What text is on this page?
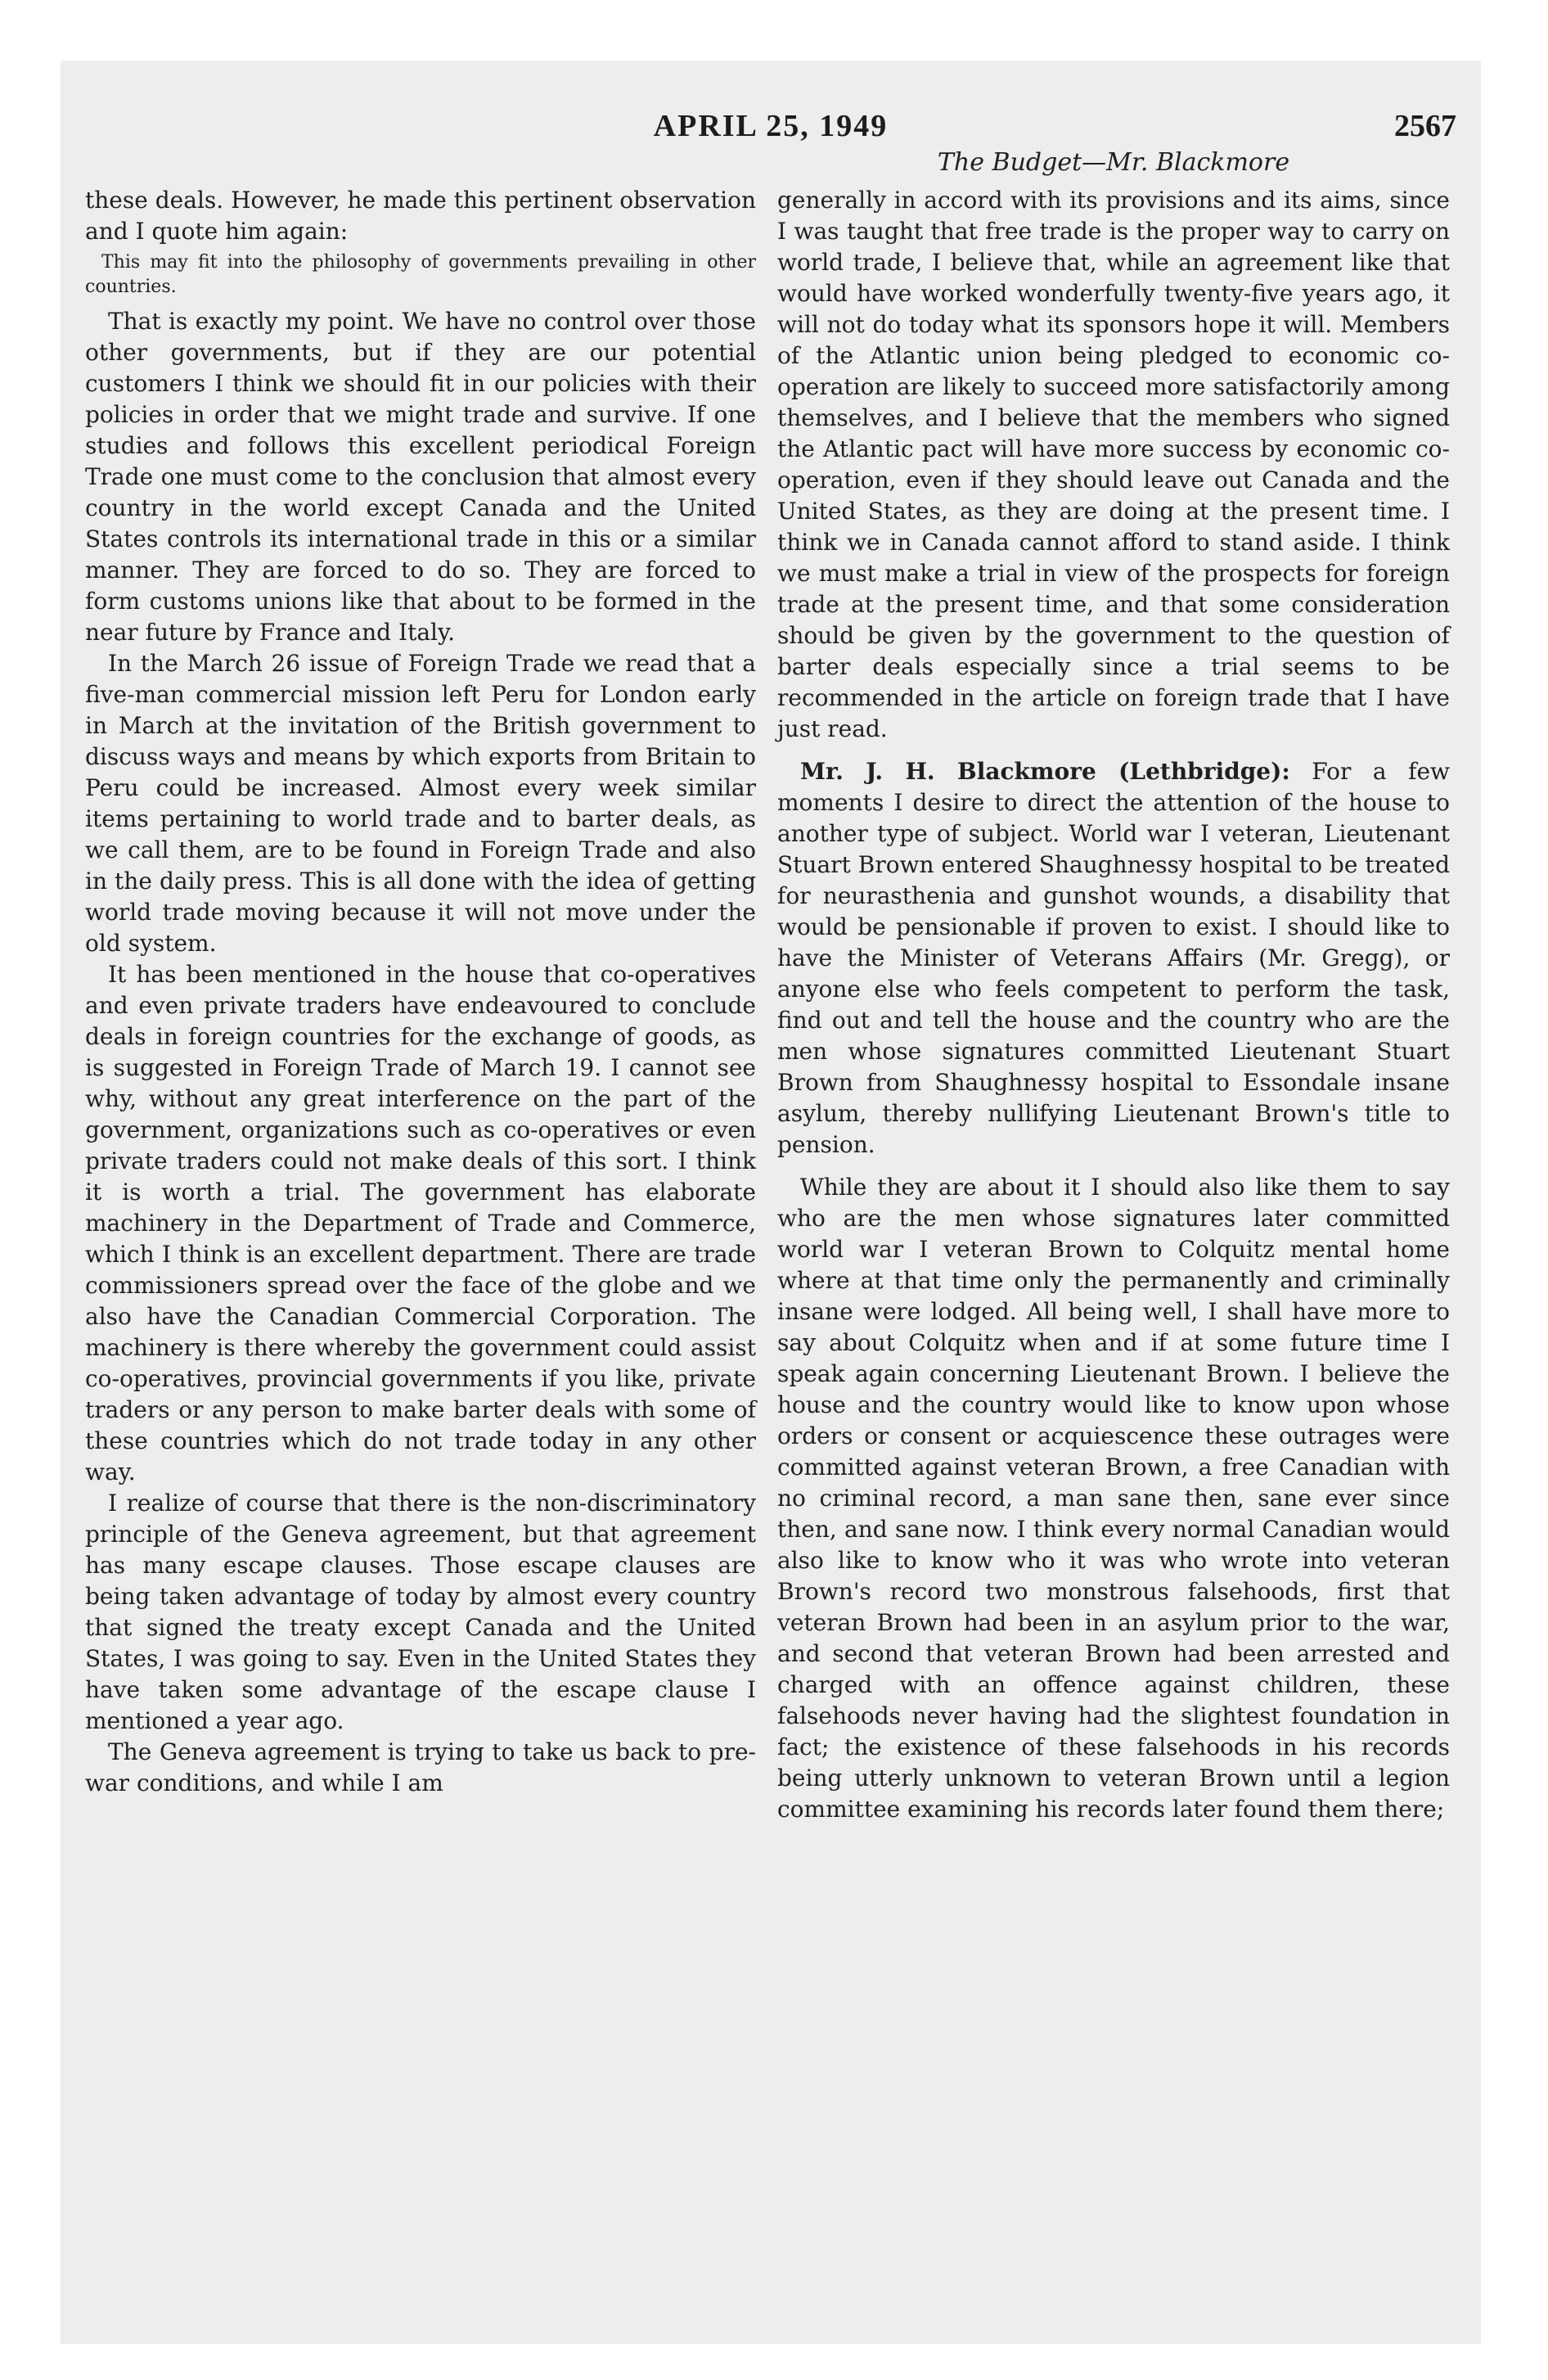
APRIL 25, 1949	2567

these deals. However, he made this pertinent observation and I quote him again:

This may fit into the philosophy of governments prevailing in other countries.

That is exactly my point. We have no control over those other governments, but if they are our potential customers I think we should fit in our policies with their policies in order that we might trade and survive. If one studies and follows this excellent periodical Foreign Trade one must come to the conclusion that almost every country in the world except Canada and the United States controls its international trade in this or a similar manner. They are forced to do so. They are forced to form customs unions like that about to be formed in the near future by France and Italy.

In the March 26 issue of Foreign Trade we read that a five-man commercial mission left Peru for London early in March at the invitation of the British government to discuss ways and means by which exports from Britain to Peru could be increased. Almost every week similar items pertaining to world trade and to barter deals, as we call them, are to be found in Foreign Trade and also in the daily press. This is all done with the idea of getting world trade moving because it will not move under the old system.

It has been mentioned in the house that co-operatives and even private traders have endeavoured to conclude deals in foreign countries for the exchange of goods, as is suggested in Foreign Trade of March 19. I cannot see why, without any great interference on the part of the government, organizations such as co-operatives or even private traders could not make deals of this sort. I think it is worth a trial. The government has elaborate machinery in the Department of Trade and Commerce, which I think is an excellent department. There are trade commissioners spread over the face of the globe and we also have the Canadian Commercial Corporation. The machinery is there whereby the government could assist co-operatives, provincial governments if you like, private traders or any person to make barter deals with some of these countries which do not trade today in any other way.

I realize of course that there is the non-discriminatory principle of the Geneva agreement, but that agreement has many escape clauses. Those escape clauses are being taken advantage of today by almost every country that signed the treaty except Canada and the United States, I was going to say. Even in the United States they have taken some advantage of the escape clause I mentioned a year ago.

The Geneva agreement is trying to take us back to pre-war conditions, and while I am

The Budget—Mr. Blackmore

generally in accord with its provisions and its aims, since I was taught that free trade is the proper way to carry on world trade, I believe that, while an agreement like that would have worked wonderfully twenty-five years ago, it will not do today what its sponsors hope it will. Members of the Atlantic union being pledged to economic co-operation are likely to succeed more satisfactorily among themselves, and I believe that the members who signed the Atlantic pact will have more success by economic co-operation, even if they should leave out Canada and the United States, as they are doing at the present time. I think we in Canada cannot afford to stand aside. I think we must make a trial in view of the prospects for foreign trade at the present time, and that some consideration should be given by the government to the question of barter deals especially since a trial seems to be recommended in the article on foreign trade that I have just read.

Mr. J. H. Blackmore (Lethbridge): For a few moments I desire to direct the attention of the house to another type of subject. World war I veteran, Lieutenant Stuart Brown entered Shaughnessy hospital to be treated for neurasthenia and gunshot wounds, a disability that would be pensionable if proven to exist. I should like to have the Minister of Veterans Affairs (Mr. Gregg), or anyone else who feels competent to perform the task, find out and tell the house and the country who are the men whose signatures committed Lieutenant Stuart Brown from Shaughnessy hospital to Essondale insane asylum, thereby nullifying Lieutenant Brown's title to pension.

While they are about it I should also like them to say who are the men whose signatures later committed world war I veteran Brown to Colquitz mental home where at that time only the permanently and criminally insane were lodged. All being well, I shall have more to say about Colquitz when and if at some future time I speak again concerning Lieutenant Brown. I believe the house and the country would like to know upon whose orders or consent or acquiescence these outrages were committed against veteran Brown, a free Canadian with no criminal record, a man sane then, sane ever since then, and sane now. I think every normal Canadian would also like to know who it was who wrote into veteran Brown's record two monstrous falsehoods, first that veteran Brown had been in an asylum prior to the war, and second that veteran Brown had been arrested and charged with an offence against children, these falsehoods never having had the slightest foundation in fact; the existence of these falsehoods in his records being utterly unknown to veteran Brown until a legion committee examining his records later found them there;
